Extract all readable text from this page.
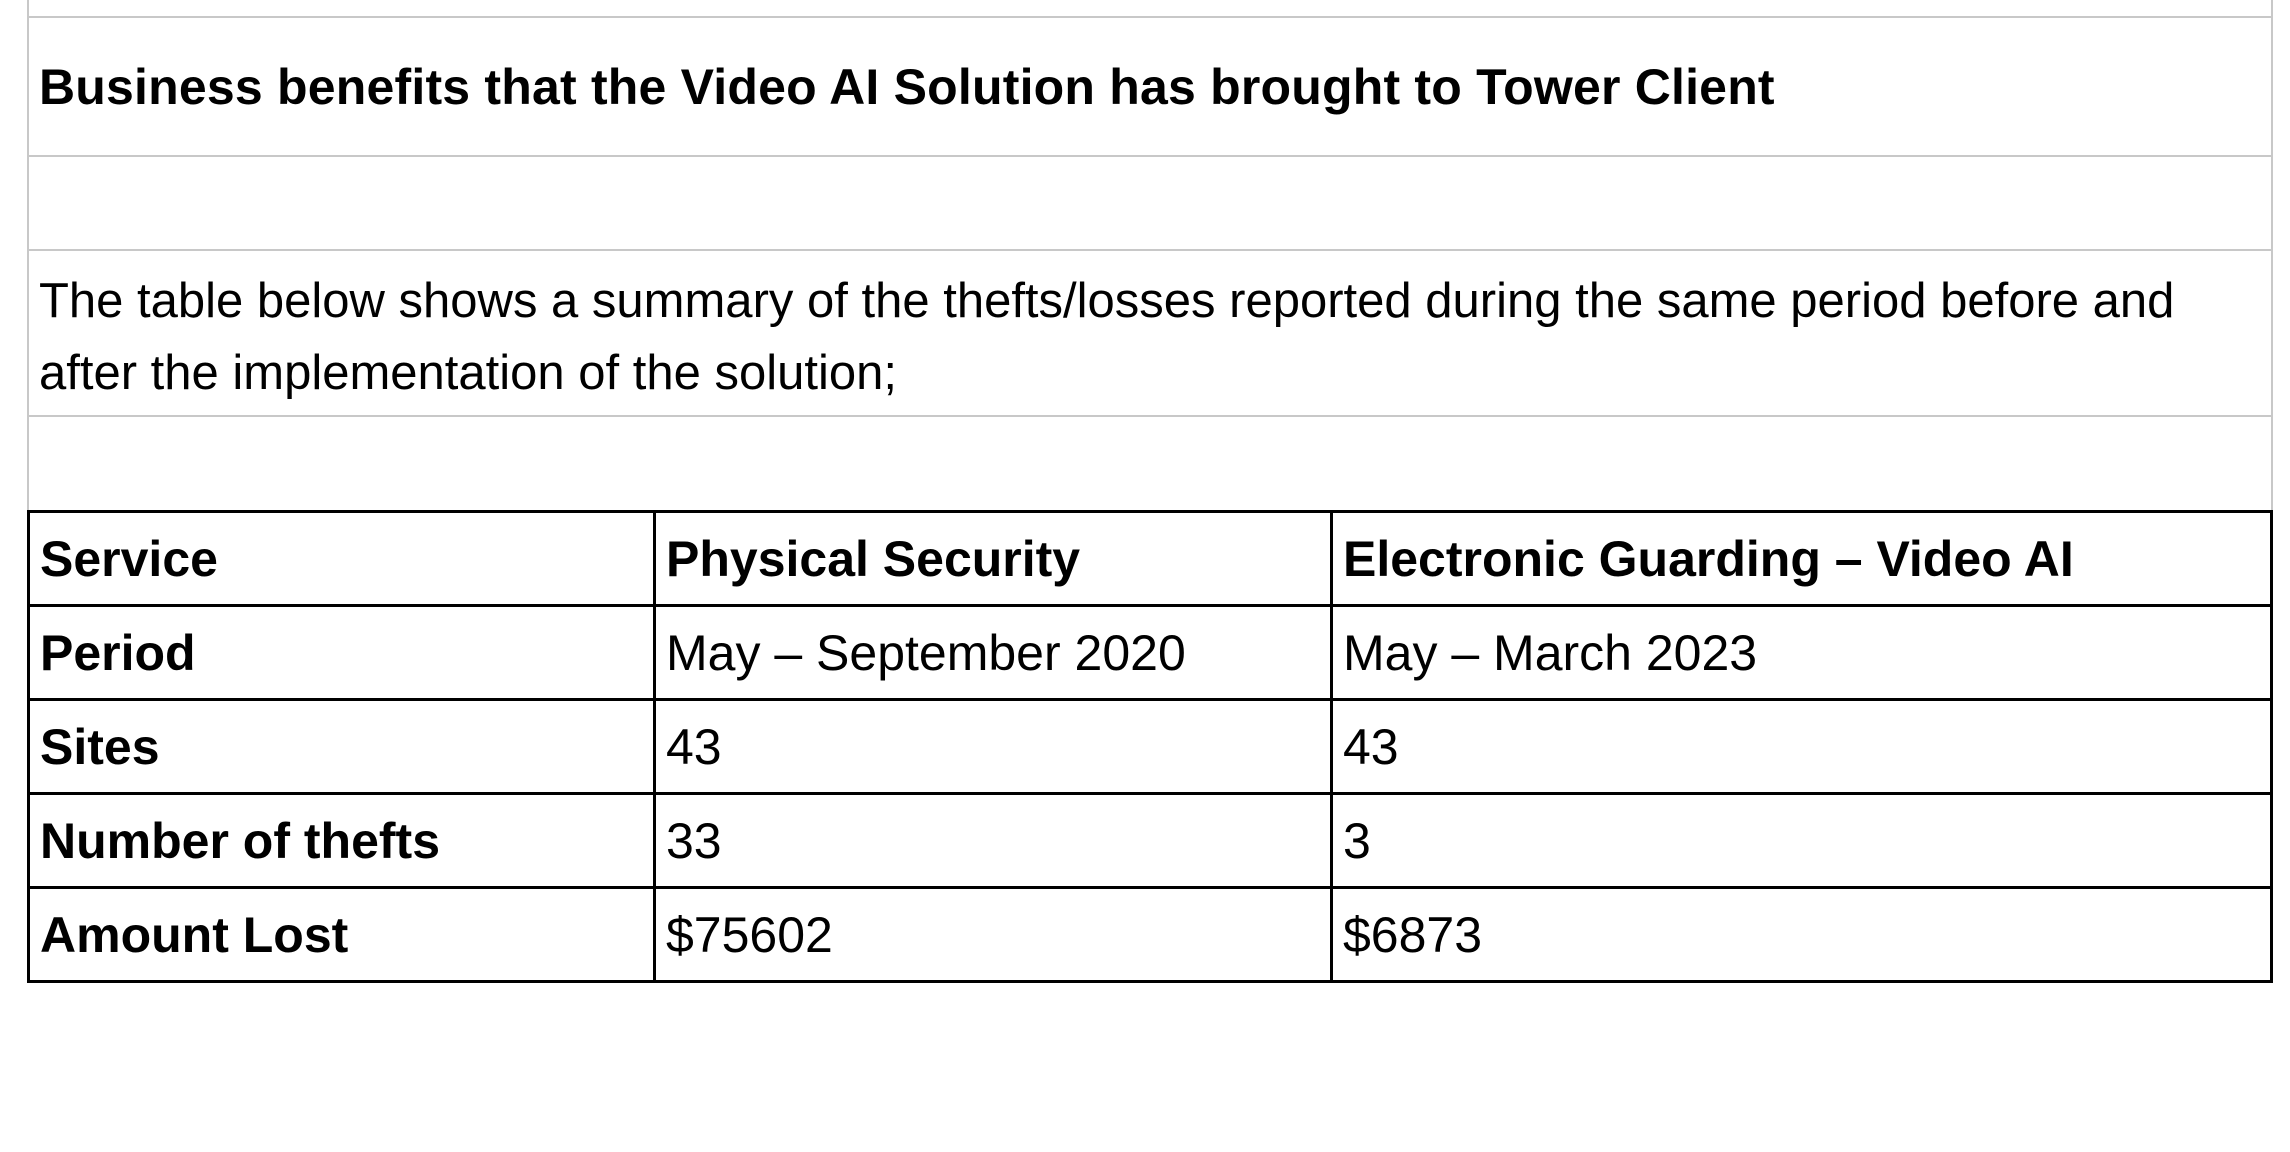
Business benefits that the Video AI Solution has brought to Tower Client
The table below shows a summary of the thefts/losses reported during the same period before and after the implementation of the solution;
Service	Physical Security	Electronic Guarding – Video AI
Period	May – September 2020	May – March 2023
Sites	43	43
Number of thefts	33	3
Amount Lost	$75602	$6873
